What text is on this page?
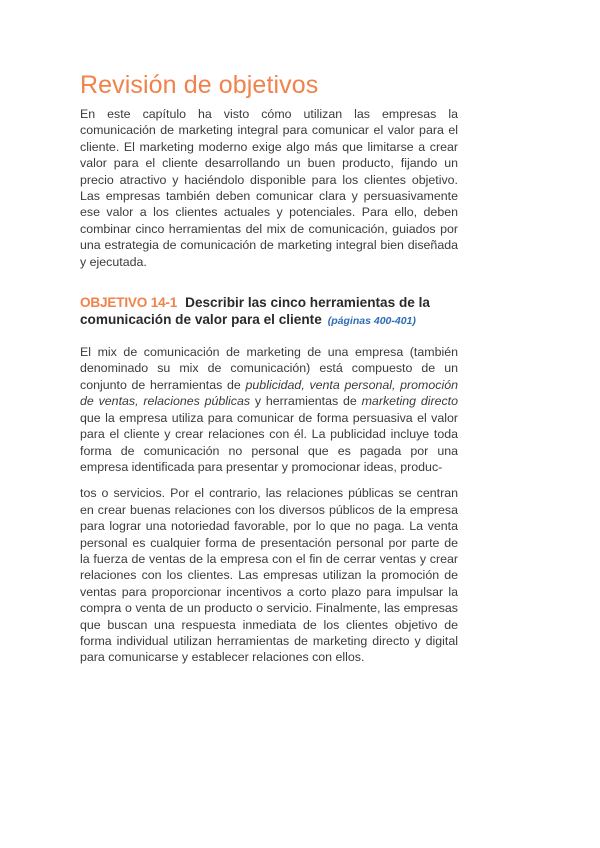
Revisión de objetivos

En este capítulo ha visto cómo utilizan las empresas la comunicación de marketing integral para comunicar el valor para el cliente. El marketing moderno exige algo más que limitarse a crear valor para el cliente desarrollando un buen producto, fijando un precio atractivo y haciéndolo disponible para los clientes objetivo. Las empresas también deben comunicar clara y persuasivamente ese valor a los clientes actuales y potenciales. Para ello, deben combinar cinco herramientas del mix de comunicación, guiados por una estrategia de comunicación de marketing integral bien diseñada y ejecutada.

OBJETIVO 14-1 Describir las cinco herramientas de la
comunicación de valor para el cliente (páginas 400-401)

El mix de comunicación de marketing de una empresa (también denominado su mix de comunicación) está compuesto de un conjunto de herramientas de publicidad, venta personal, promoción de ventas, relaciones públicas y herramientas de marketing directo que la empresa utiliza para comunicar de forma persuasiva el valor para el cliente y crear relaciones con él. La publicidad incluye toda forma de comunicación no personal que es pagada por una empresa identificada para presentar y promocionar ideas, produc-

tos o servicios. Por el contrario, las relaciones públicas se centran en crear buenas relaciones con los diversos públicos de la empresa para lograr una notoriedad favorable, por lo que no paga. La venta personal es cualquier forma de presentación personal por parte de la fuerza de ventas de la empresa con el fin de cerrar ventas y crear relaciones con los clientes. Las empresas utilizan la promoción de ventas para proporcionar incentivos a corto plazo para impulsar la compra o venta de un producto o servicio. Finalmente, las empresas que buscan una respuesta inmediata de los clientes objetivo de forma individual utilizan herramientas de marketing directo y digital para comunicarse y establecer relaciones con ellos.
